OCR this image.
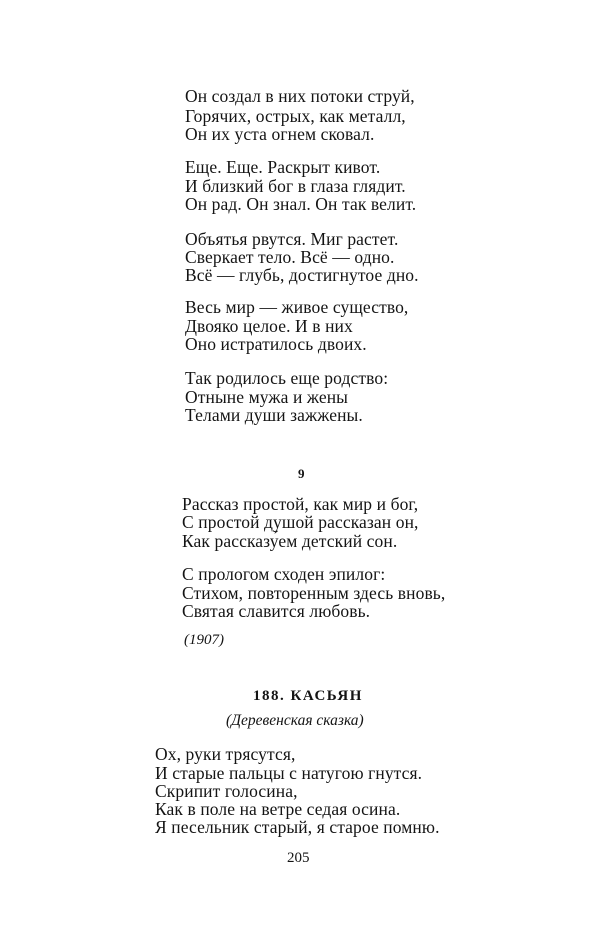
Он создал в них потоки струй,
Горячих, острых, как металл,
Он их уста огнем сковал.
Еще. Еще. Раскрыт кивот.
И близкий бог в глаза глядит.
Он рад. Он знал. Он так велит.
Объятья рвутся. Миг растет.
Сверкает тело. Всё — одно.
Всё — глубь, достигнутое дно.
Весь мир — живое существо,
Двояко целое. И в них
Оно истратилось двоих.
Так родилось еще родство:
Отныне мужа и жены
Телами души зажжены.
9
Рассказ простой, как мир и бог,
С простой душой рассказан он,
Как рассказу́ем детский сон.
С прологом сходен эпилог:
Стихом, повторенным здесь вновь,
Святая славится любовь.
(1907)
188. КАСЬЯН
(Деревенская сказка)
Ох, руки трясутся,
И старые пальцы с натугою гнутся.
Скрипит голосина,
Как в поле на ветре седая осина.
Я песельник старый, я старое помню.
205
